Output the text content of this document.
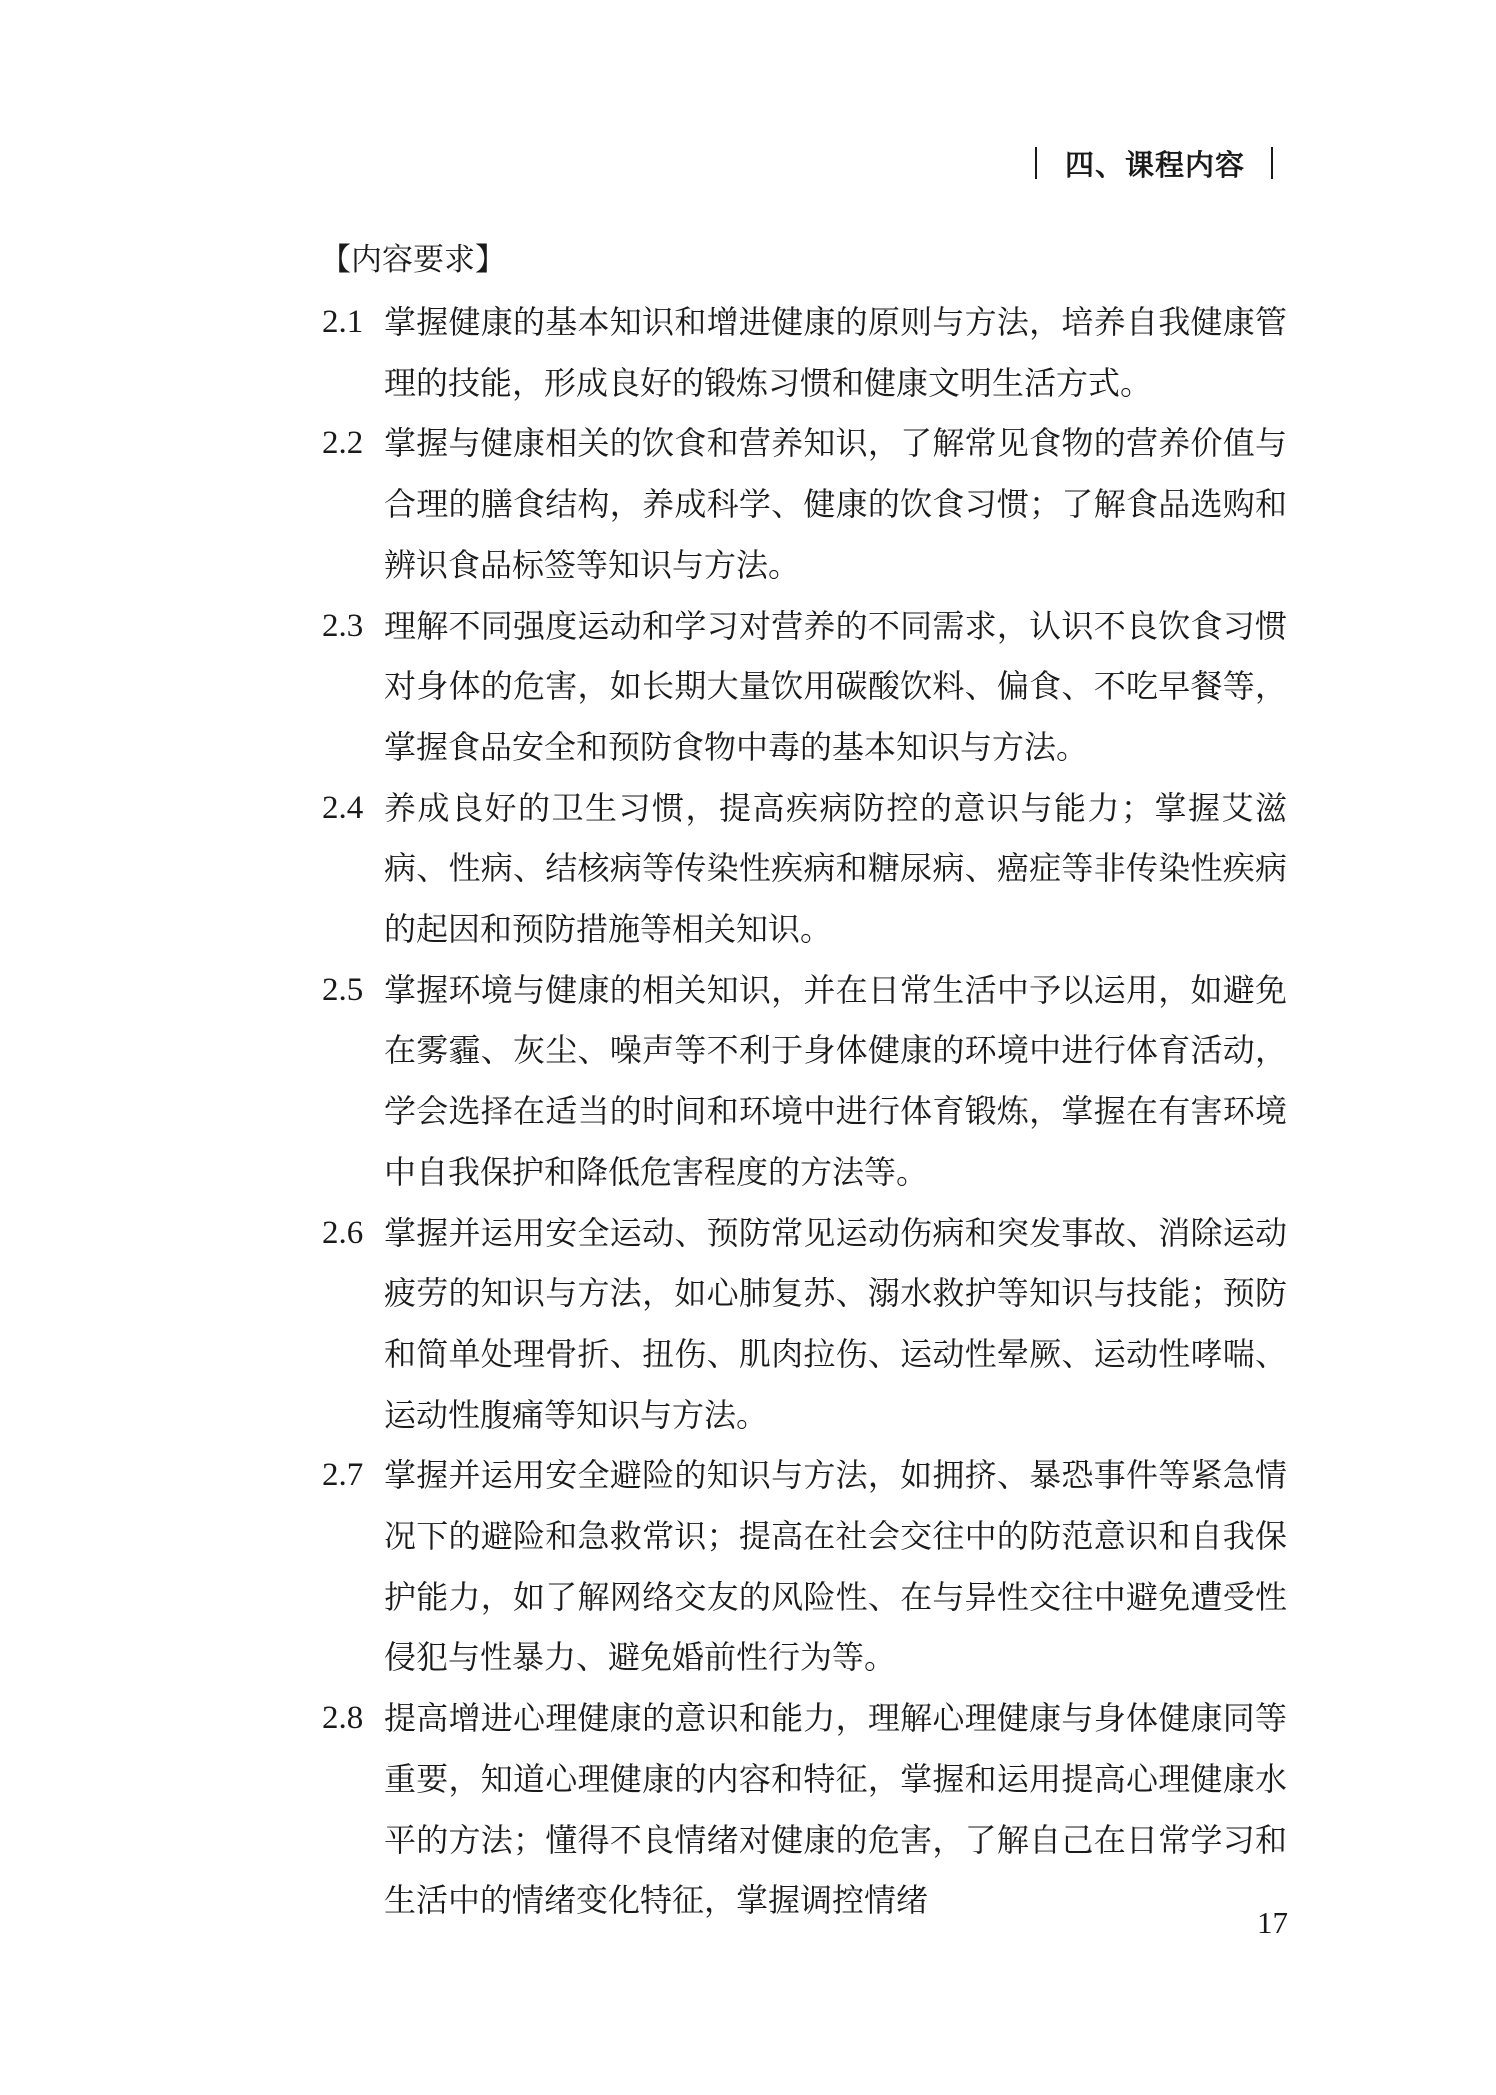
四、课程内容
【内容要求】
2.1 掌握健康的基本知识和增进健康的原则与方法，培养自我健康管理的技能，形成良好的锻炼习惯和健康文明生活方式。
2.2 掌握与健康相关的饮食和营养知识，了解常见食物的营养价值与合理的膳食结构，养成科学、健康的饮食习惯；了解食品选购和辨识食品标签等知识与方法。
2.3 理解不同强度运动和学习对营养的不同需求，认识不良饮食习惯对身体的危害，如长期大量饮用碳酸饮料、偏食、不吃早餐等，掌握食品安全和预防食物中毒的基本知识与方法。
2.4 养成良好的卫生习惯，提高疾病防控的意识与能力；掌握艾滋病、性病、结核病等传染性疾病和糖尿病、癌症等非传染性疾病的起因和预防措施等相关知识。
2.5 掌握环境与健康的相关知识，并在日常生活中予以运用，如避免在雾霾、灰尘、噪声等不利于身体健康的环境中进行体育活动，学会选择在适当的时间和环境中进行体育锻炼，掌握在有害环境中自我保护和降低危害程度的方法等。
2.6 掌握并运用安全运动、预防常见运动伤病和突发事故、消除运动疲劳的知识与方法，如心肺复苏、溺水救护等知识与技能；预防和简单处理骨折、扭伤、肌肉拉伤、运动性晕厥、运动性哮喘、运动性腹痛等知识与方法。
2.7 掌握并运用安全避险的知识与方法，如拥挤、暴恐事件等紧急情况下的避险和急救常识；提高在社会交往中的防范意识和自我保护能力，如了解网络交友的风险性、在与异性交往中避免遭受性侵犯与性暴力、避免婚前性行为等。
2.8 提高增进心理健康的意识和能力，理解心理健康与身体健康同等重要，知道心理健康的内容和特征，掌握和运用提高心理健康水平的方法；懂得不良情绪对健康的危害，了解自己在日常学习和生活中的情绪变化特征，掌握调控情绪
17
